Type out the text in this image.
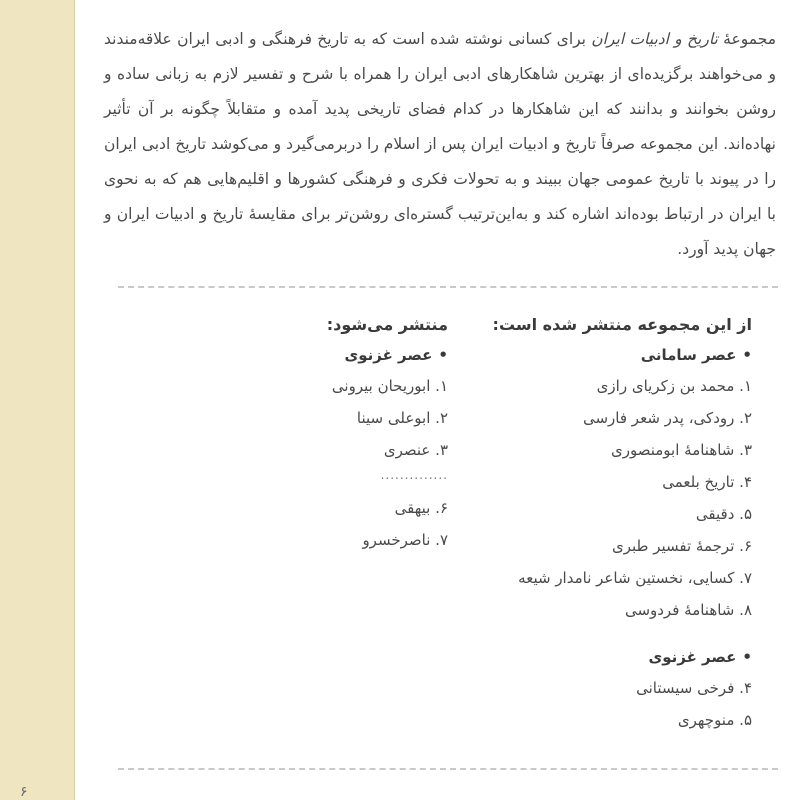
۶
مجموعهٔ تاریخ و ادبیات ایران برای کسانی نوشته شده است که به تاریخ فرهنگی و ادبی ایران علاقه‌مندند و می‌خواهند برگزیده‌ای از بهترین شاهکارهای ادبی ایران را همراه با شرح و تفسیر لازم به زبانی ساده و روشن بخوانند و بدانند که این شاهکارها در کدام فضای تاریخی پدید آمده و متقابلاً چگونه بر آن تأثیر نهاده‌اند. این مجموعه صرفاً تاریخ و ادبیات ایران پس از اسلام را دربرمی‌گیرد و می‌کوشد تاریخ ادبی ایران را در پیوند با تاریخ عمومی جهان ببیند و به تحولات فکری و فرهنگی کشورها و اقلیم‌هایی هم که به نحوی با ایران در ارتباط بوده‌اند اشاره کند و به‌این‌ترتیب گستره‌ای روشن‌تر برای مقایسهٔ تاریخ و ادبیات ایران و جهان پدید آورد.
از این مجموعه منتشر شده است:
•عصر سامانی
۱. محمد بن زکریای رازی
۲. رودکی، پدر شعر فارسی
۳. شاهنامهٔ ابومنصوری
۴. تاریخ بلعمی
۵. دقیقی
۶. ترجمهٔ تفسیر طبری
۷. کسایی، نخستین شاعر نامدار شیعه
۸. شاهنامهٔ فردوسی
•عصر غزنوی
۴. فرخی سیستانی
۵. منوچهری
منتشر می‌شود:
•عصر غزنوی
۱. ابوریحان بیرونی
۲. ابوعلی سینا
۳. عنصری
..............
۶. بیهقی
۷. ناصرخسرو
